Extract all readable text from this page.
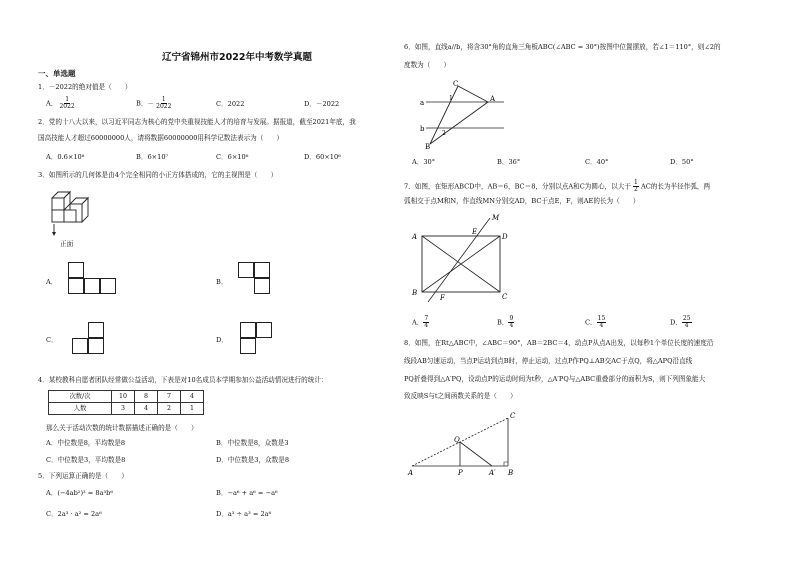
辽宁省锦州市2022年中考数学真题
一、单选题
1．－2022的绝对值是（　　）
A． $\frac{1}{2022}$	B．－ $\frac{1}{2022}$	C．2022	D．－2022
2．党的十八大以来，以习近平同志为核心的党中央重视技能人才的培育与发展。据报道，截至2021年底，我
国高技能人才超过60000000人，请将数据60000000用科学记数法表示为（　　）
A．0.6×10⁸	B．6×10⁷	C．6×10⁶	D．60×10⁶
3．如图所示的几何体是由4个完全相同的小正方体搭成的，它的主视图是（　　）
正面
A．	B．
C．	D．
4．某校教科自愿者团队经常做公益活动，下表是对10名成员本学期参加公益活动情况进行的统计：
次数/次	10	8	7	4
人数	3	4	2	1
那么关于活动次数的统计数据描述正确的是（　　）
A．中位数是8，平均数是8	B．中位数是8，众数是3
C．中位数是3，平均数是8	D．中位数是3，众数是8
5．下列运算正确的是（　　）
A．(−4ab²)³ = 8a³b⁶	B．−a⁶ + a⁶ = −a⁶
C．2a³ · a² = 2a⁶	D．a³ ÷ a³ = 2a⁶
6．如图，直线a//b，将含30°角的直角三角板ABC(∠ABC = 30°)按图中位置摆放，若∠1＝110°，则∠2的
度数为（　　）
C
A
B
a
b
1
2
A．30°	B．36°	C．40°	D．50°
7．如图，在矩形ABCD中，AB＝6，BC＝8，分别以点A和C为圆心，以大于 $\frac{1}{2}$ AC的长为半径作弧，两
弧相交于点M和N，作直线MN分别交AD，BC于点E，F，则AE的长为（　　）
A	D
B	C
E
F
M
A． $\frac{7}{4}$	B． $\frac{9}{4}$	C． $\frac{15}{4}$	D． $\frac{25}{4}$
8．如图，在Rt△ABC中，∠ABC＝90°，AB＝2BC＝4，动点P从点A出发，以每秒1个单位长度的速度沿
线段AB匀速运动，当点P运动到点B时，停止运动，过点P作PQ⊥AB交AC于点Q，将△APQ沿直线
PQ折叠得到△A′PQ，设动点P的运动时间为t秒，△A′PQ与△ABC重叠部分的面积为S，则下列图象能大
致反映S与t之间函数关系的是（　　）
A	P	A′ B
Q
C
